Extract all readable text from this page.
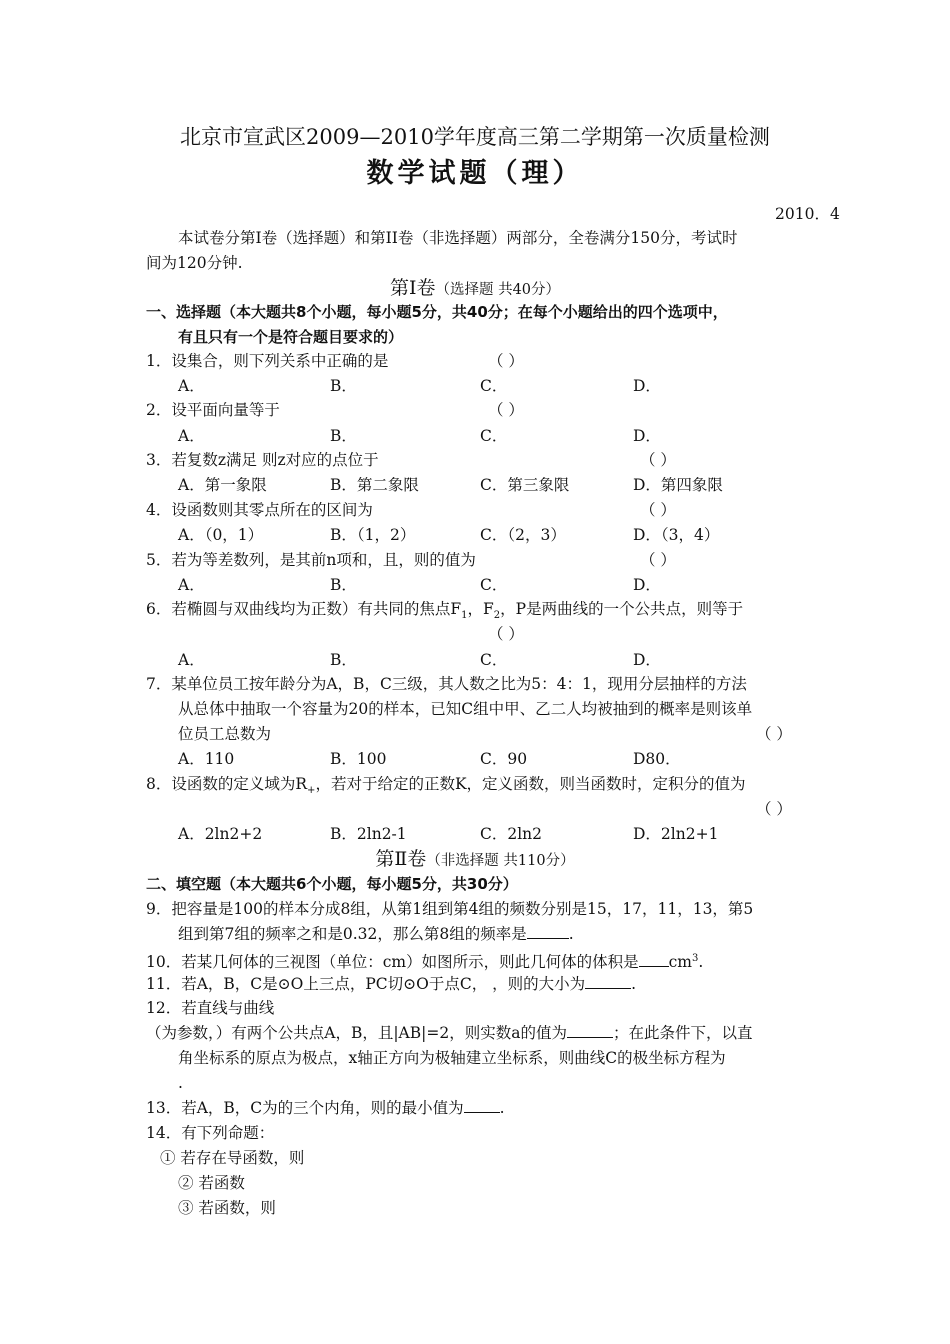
北京市宣武区2009—2010学年度高三第二学期第一次质量检测
数学试题（理）
2010．4
本试卷分第I卷（选择题）和第II卷（非选择题）两部分，全卷满分150分，考试时
间为120分钟.
第Ⅰ卷（选择题 共40分）
一、选择题（本大题共8个小题，每小题5分，共40分；在每个小题给出的四个选项中，
有且只有一个是符合题目要求的）
1．设集合，则下列关系中正确的是	（ ）
A．	B．	C．	D．
2．设平面向量等于	（ ）
A．	B．	C．	D．
3．若复数z满足 则z对应的点位于	（ ）
A．第一象限	B．第二象限	C．第三象限	D．第四象限
4．设函数则其零点所在的区间为	（ ）
A．（0，1）	B．（1，2）	C．（2，3）	D．（3，4）
5．若为等差数列，是其前n项和，且，则的值为	（ ）
A．	B．	C．	D．
6．若椭圆与双曲线均为正数）有共同的焦点$F_1$，$F_2$，P是两曲线的一个公共点，则等于
（ ）
A．	B．	C．	D．
7．某单位员工按年龄分为A，B，C三级，其人数之比为5：4：1，现用分层抽样的方法
从总体中抽取一个容量为20的样本，已知C组中甲、乙二人均被抽到的概率是则该单
位员工总数为	（ ）
A．110	B．100	C．90	D80．
8．设函数的定义域为$R_+$，若对于给定的正数K，定义函数，则当函数时，定积分的值为
（ ）
A．2ln2+2	B．2ln2-1	C．2ln2	D．2ln2+1
第Ⅱ卷（非选择题 共110分）
二、填空题（本大题共6个小题，每小题5分，共30分）
9．把容量是100的样本分成8组，从第1组到第4组的频数分别是15，17，11，13，第5
组到第7组的频率之和是0.32，那么第8组的频率是	.
10．若某几何体的三视图（单位：cm）如图所示，则此几何体的体积是 $cm^3$.
11．若A，B，C是⊙O上三点，PC切⊙O于点C， ，则的大小为	.
12．若直线与曲线
（为参数，）有两个公共点A，B，且|AB|=2，则实数a的值为	；在此条件下，以直
角坐标系的原点为极点，x轴正方向为极轴建立坐标系，则曲线C的极坐标方程为
.
13．若A，B，C为的三个内角，则的最小值为 .
14．有下列命题：
① 若存在导函数，则
② 若函数
③ 若函数，则
